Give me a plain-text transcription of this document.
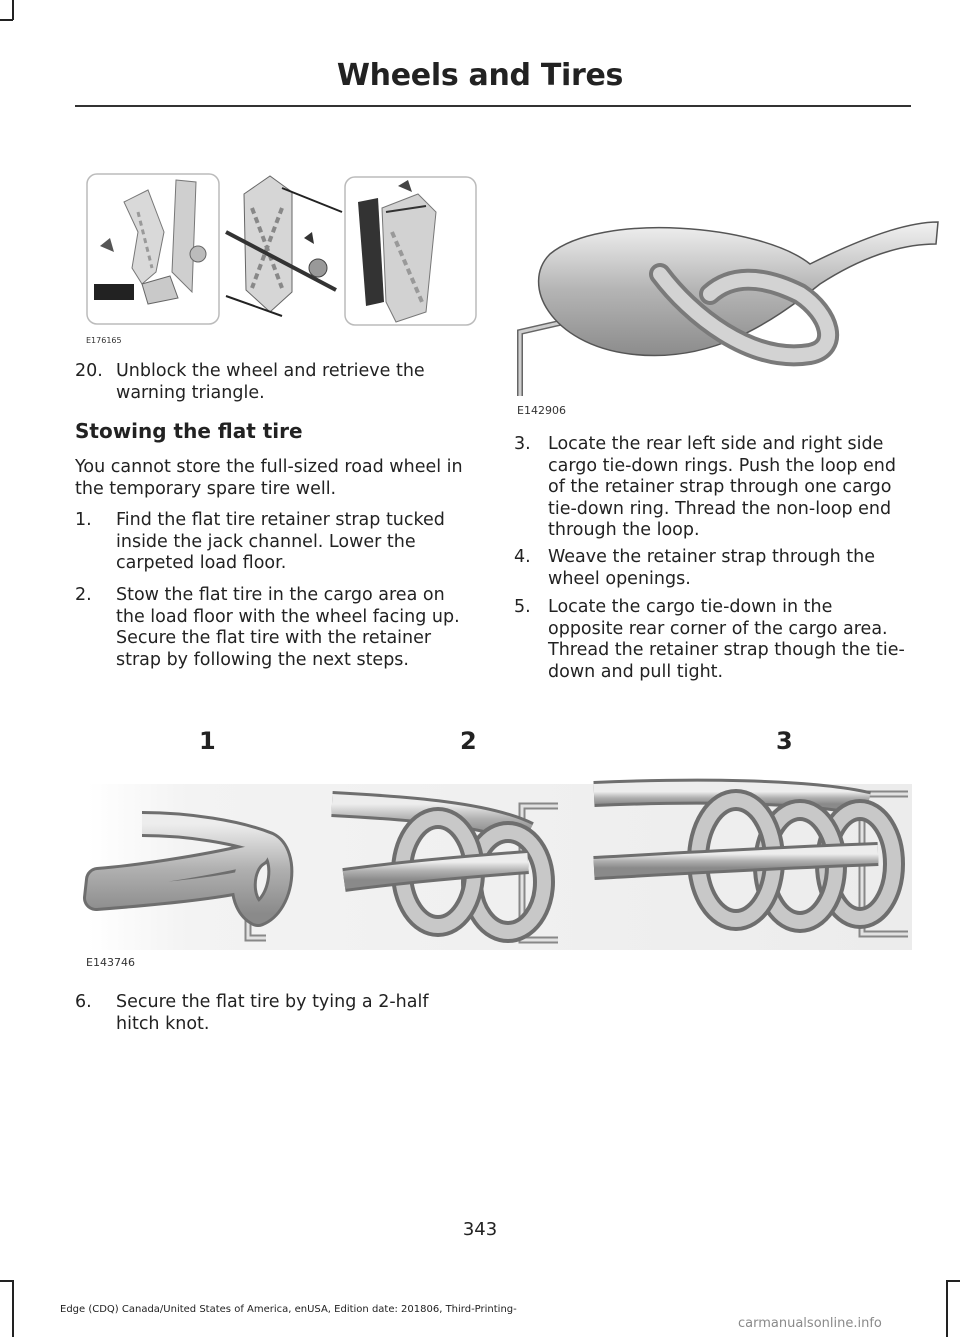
Wheels and Tires
E176165
E142906
20. Unblock the wheel and retrieve the warning triangle.
Stowing the flat tire
You cannot store the full-sized road wheel in the temporary spare tire well.
1.	Find the flat tire retainer strap tucked inside the jack channel. Lower the carpeted load floor.
2.	Stow the flat tire in the cargo area on the load floor with the wheel facing up. Secure the flat tire with the retainer strap by following the next steps.
3. Locate the rear left side and right side cargo tie-down rings. Push the loop end of the retainer strap through one cargo tie-down ring. Thread the non-loop end through the loop.
4. Weave the retainer strap through the wheel openings.
5. Locate the cargo tie-down in the opposite rear corner of the cargo area. Thread the retainer strap though the tie-down and pull tight.
1	2	3
E143746
6.	Secure the flat tire by tying a 2-half hitch knot.
343
Edge (CDQ) Canada/United States of America, enUSA, Edition date: 201806, Third-Printing-
carmanualsonline.info
